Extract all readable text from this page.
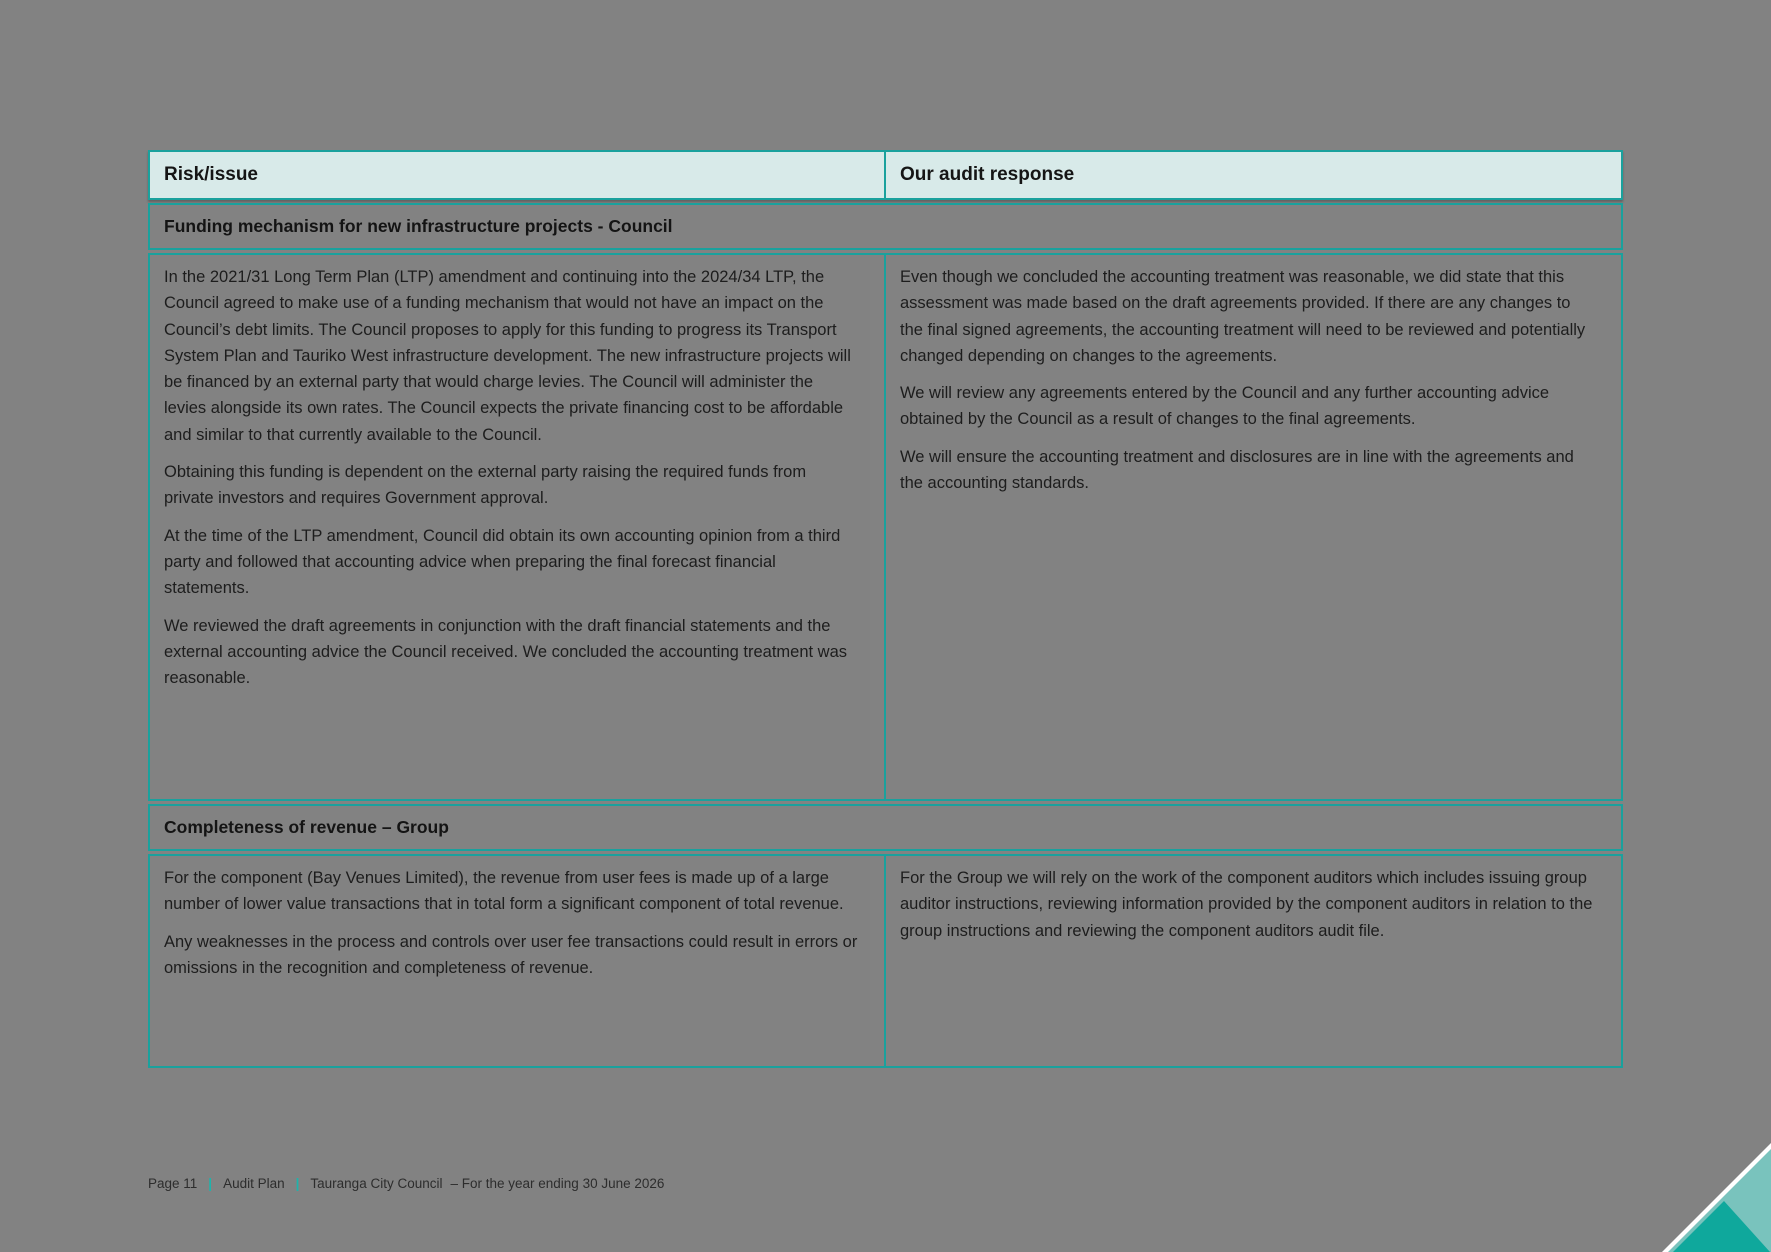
Risk/issue	Our audit response
Funding mechanism for new infrastructure projects - Council

In the 2021/31 Long Term Plan (LTP) amendment and continuing into the 2024/34 LTP, the Council agreed to make use of a funding mechanism that would not have an impact on the Council’s debt limits. The Council proposes to apply for this funding to progress its Transport System Plan and Tauriko West infrastructure development. The new infrastructure projects will be financed by an external party that would charge levies. The Council will administer the levies alongside its own rates. The Council expects the private financing cost to be affordable and similar to that currently available to the Council.

Obtaining this funding is dependent on the external party raising the required funds from private investors and requires Government approval.

At the time of the LTP amendment, Council did obtain its own accounting opinion from a third party and followed that accounting advice when preparing the final forecast financial statements.

We reviewed the draft agreements in conjunction with the draft financial statements and the external accounting advice the Council received. We concluded the accounting treatment was reasonable.

Even though we concluded the accounting treatment was reasonable, we did state that this assessment was made based on the draft agreements provided. If there are any changes to the final signed agreements, the accounting treatment will need to be reviewed and potentially changed depending on changes to the agreements.

We will review any agreements entered by the Council and any further accounting advice obtained by the Council as a result of changes to the final agreements.

We will ensure the accounting treatment and disclosures are in line with the agreements and the accounting standards.

Completeness of revenue – Group

For the component (Bay Venues Limited), the revenue from user fees is made up of a large number of lower value transactions that in total form a significant component of total revenue.

Any weaknesses in the process and controls over user fee transactions could result in errors or omissions in the recognition and completeness of revenue.

For the Group we will rely on the work of the component auditors which includes issuing group auditor instructions, reviewing information provided by the component auditors in relation to the group instructions and reviewing the component auditors audit file.

Page 11 | Audit Plan | Tauranga City Council – For the year ending 30 June 2026
